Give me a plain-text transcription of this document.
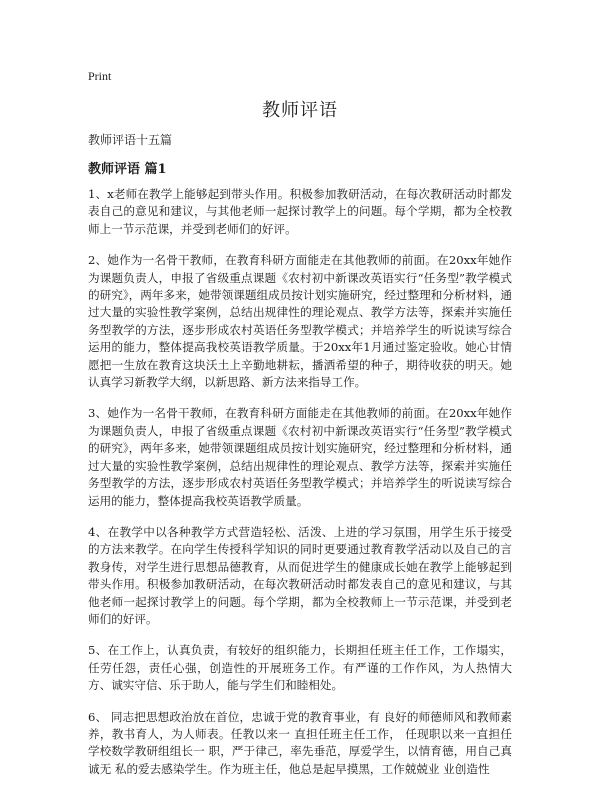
Print
教师评语

教师评语十五篇

教师评语 篇1

1、x老师在教学上能够起到带头作用。积极参加教研活动，在每次教研活动时都发表自己的意见和建议，与其他老师一起探讨教学上的问题。每个学期，都为全校教师上一节示范课，并受到老师们的好评。

2、她作为一名骨干教师，在教育科研方面能走在其他教师的前面。在20xx年她作为课题负责人，申报了省级重点课题《农村初中新课改英语实行“任务型”教学模式的研究》，两年多来，她带领课题组成员按计划实施研究，经过整理和分析材料，通过大量的实验性教学案例，总结出规律性的理论观点、教学方法等，探索并实施任务型教学的方法，逐步形成农村英语任务型教学模式；并培养学生的听说读写综合运用的能力，整体提高我校英语教学质量。于20xx年1月通过鉴定验收。她心甘情愿把一生放在教育这块沃土上辛勤地耕耘，播洒希望的种子，期待收获的明天。她认真学习新教学大纲，以新思路、新方法来指导工作。

3、她作为一名骨干教师，在教育科研方面能走在其他教师的前面。在20xx年她作为课题负责人，申报了省级重点课题《农村初中新课改英语实行“任务型”教学模式的研究》，两年多来，她带领课题组成员按计划实施研究，经过整理和分析材料，通过大量的实验性教学案例，总结出规律性的理论观点、教学方法等，探索并实施任务型教学的方法，逐步形成农村英语任务型教学模式；并培养学生的听说读写综合运用的能力，整体提高我校英语教学质量。

4、在教学中以各种教学方式营造轻松、活泼、上进的学习氛围，用学生乐于接受的方法来教学。在向学生传授科学知识的同时更要通过教育教学活动以及自己的言教身传，对学生进行思想品德教育，从而促进学生的健康成长她在教学上能够起到带头作用。积极参加教研活动，在每次教研活动时都发表自己的意见和建议，与其他老师一起探讨教学上的问题。每个学期，都为全校教师上一节示范课，并受到老师们的好评。

5、在工作上，认真负责，有较好的组织能力，长期担任班主任工作，工作塌实，任劳任怨，责任心强，创造性的开展班务工作。有严谨的工作作风，为人热情大方、诚实守信、乐于助人，能与学生们和睦相处。

6、 同志把思想政治放在首位，忠诚于党的教育事业，有 良好的师德师风和教师素养，教书育人，为人师表。任教以来一 直担任班主任工作， 任现职以来一直担任学校数学教研组组长一 职，严于律己，率先垂范，厚爱学生，以情育德，用自己真诚无 私的爱去感染学生。作为班主任，他总是起早摸黑，工作兢兢业 业创造性
